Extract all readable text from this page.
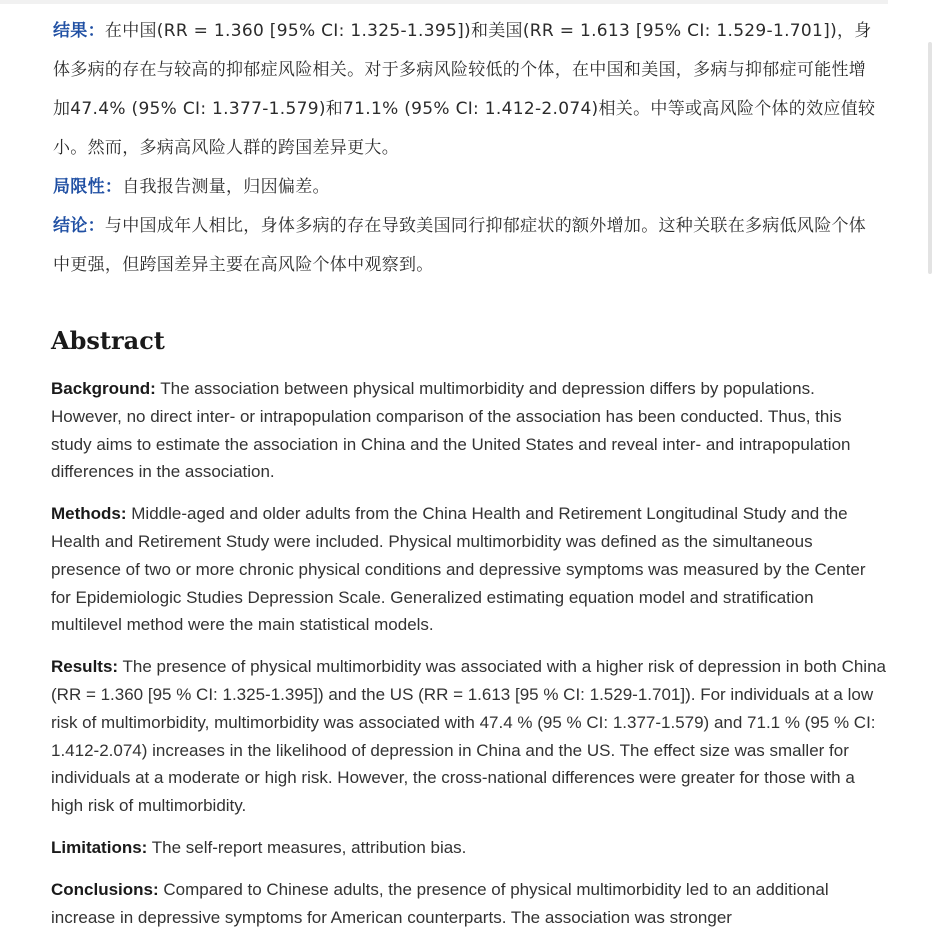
结果：在中国(RR = 1.360 [95% CI: 1.325-1.395])和美国(RR = 1.613 [95% CI: 1.529-1.701])，身体多病的存在与较高的抑郁症风险相关。对于多病风险较低的个体，在中国和美国，多病与抑郁症可能性增加47.4% (95% CI: 1.377-1.579)和71.1% (95% CI: 1.412-2.074)相关。中等或高风险个体的效应值较小。然而，多病高风险人群的跨国差异更大。

局限性：自我报告测量，归因偏差。

结论：与中国成年人相比，身体多病的存在导致美国同行抑郁症状的额外增加。这种关联在多病低风险个体中更强，但跨国差异主要在高风险个体中观察到。

Abstract

Background: The association between physical multimorbidity and depression differs by populations. However, no direct inter- or intrapopulation comparison of the association has been conducted. Thus, this study aims to estimate the association in China and the United States and reveal inter- and intrapopulation differences in the association.

Methods: Middle-aged and older adults from the China Health and Retirement Longitudinal Study and the Health and Retirement Study were included. Physical multimorbidity was defined as the simultaneous presence of two or more chronic physical conditions and depressive symptoms was measured by the Center for Epidemiologic Studies Depression Scale. Generalized estimating equation model and stratification multilevel method were the main statistical models.

Results: The presence of physical multimorbidity was associated with a higher risk of depression in both China (RR = 1.360 [95 % CI: 1.325-1.395]) and the US (RR = 1.613 [95 % CI: 1.529-1.701]). For individuals at a low risk of multimorbidity, multimorbidity was associated with 47.4 % (95 % CI: 1.377-1.579) and 71.1 % (95 % CI: 1.412-2.074) increases in the likelihood of depression in China and the US. The effect size was smaller for individuals at a moderate or high risk. However, the cross-national differences were greater for those with a high risk of multimorbidity.

Limitations: The self-report measures, attribution bias.

Conclusions: Compared to Chinese adults, the presence of physical multimorbidity led to an additional increase in depressive symptoms for American counterparts. The association was stronger
